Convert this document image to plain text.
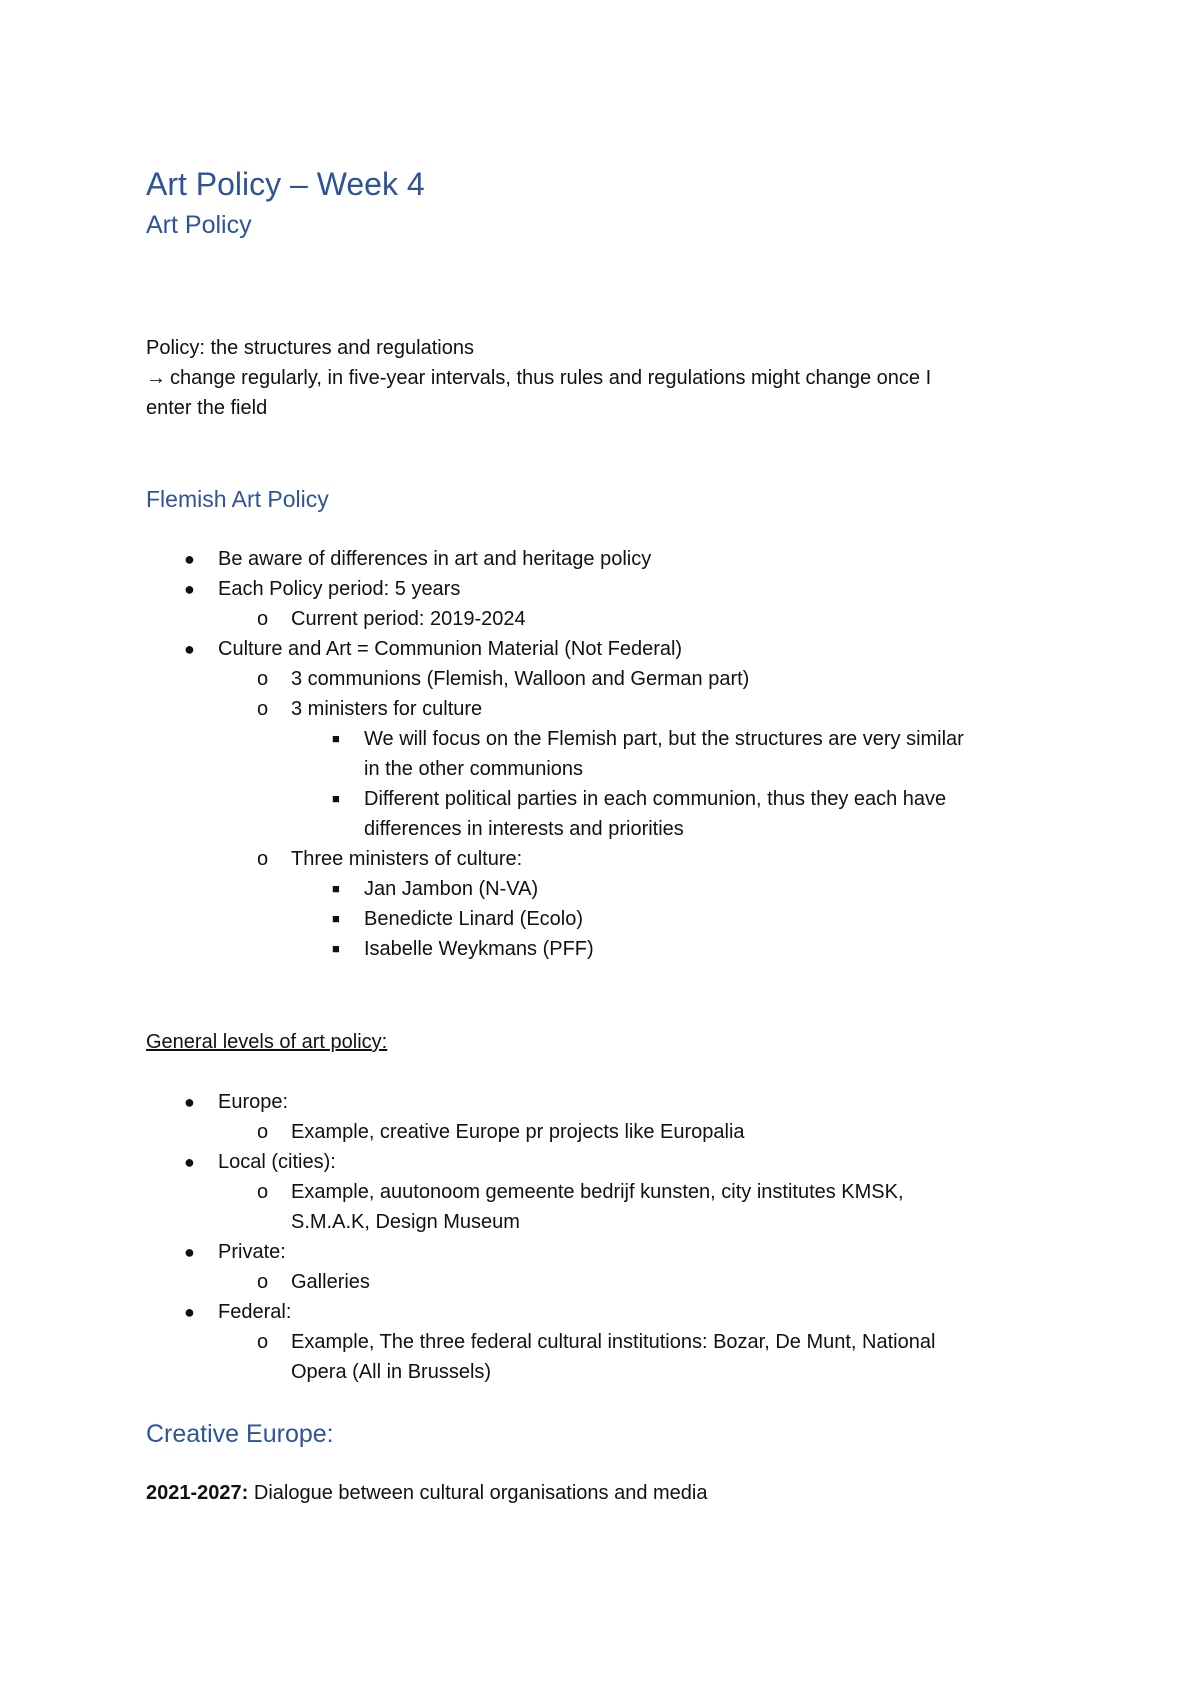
Art Policy – Week 4
Art Policy
Policy: the structures and regulations
→ change regularly, in five-year intervals, thus rules and regulations might change once I
enter the field
Flemish Art Policy
● Be aware of differences in art and heritage policy
● Each Policy period: 5 years
o Current period: 2019-2024
● Culture and Art = Communion Material (Not Federal)
o 3 communions (Flemish, Walloon and German part)
o 3 ministers for culture
■ We will focus on the Flemish part, but the structures are very similar
in the other communions
■ Different political parties in each communion, thus they each have
differences in interests and priorities
o Three ministers of culture:
■ Jan Jambon (N-VA)
■ Benedicte Linard (Ecolo)
■ Isabelle Weykmans (PFF)
General levels of art policy:
● Europe:
o Example, creative Europe pr projects like Europalia
● Local (cities):
o Example, auutonoom gemeente bedrijf kunsten, city institutes KMSK,
S.M.A.K, Design Museum
● Private:
o Galleries
● Federal:
o Example, The three federal cultural institutions: Bozar, De Munt, National
Opera (All in Brussels)
Creative Europe:
2021-2027: Dialogue between cultural organisations and media
